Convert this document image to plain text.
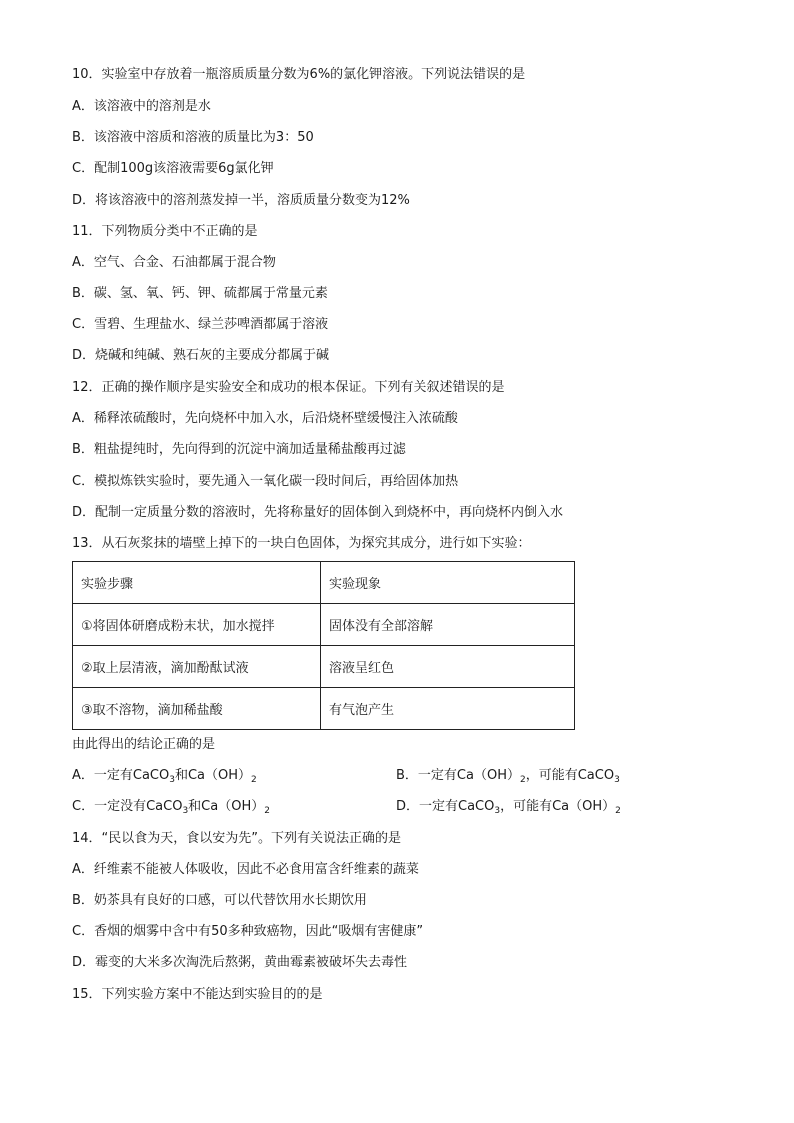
10．实验室中存放着一瓶溶质质量分数为6%的氯化钾溶液。下列说法错误的是
A．该溶液中的溶剂是水
B．该溶液中溶质和溶液的质量比为3：50
C．配制100g该溶液需要6g氯化钾
D．将该溶液中的溶剂蒸发掉一半，溶质质量分数变为12%
11．下列物质分类中不正确的是
A．空气、合金、石油都属于混合物
B．碳、氢、氧、钙、钾、硫都属于常量元素
C．雪碧、生理盐水、绿兰莎啤酒都属于溶液
D．烧碱和纯碱、熟石灰的主要成分都属于碱
12．正确的操作顺序是实验安全和成功的根本保证。下列有关叙述错误的是
A．稀释浓硫酸时，先向烧杯中加入水，后沿烧杯壁缓慢注入浓硫酸
B．粗盐提纯时，先向得到的沉淀中滴加适量稀盐酸再过滤
C．模拟炼铁实验时，要先通入一氧化碳一段时间后，再给固体加热
D．配制一定质量分数的溶液时，先将称量好的固体倒入到烧杯中，再向烧杯内倒入水
13．从石灰浆抹的墙壁上掉下的一块白色固体，为探究其成分，进行如下实验：
实验步骤	实验现象
①将固体研磨成粉末状，加水搅拌	固体没有全部溶解
②取上层清液，滴加酚酞试液	溶液呈红色
③取不溶物，滴加稀盐酸	有气泡产生
由此得出的结论正确的是
A．一定有CaCO$_3$和$Ca(OH)_2$	B．一定有$Ca(OH)_2$，可能有CaCO$_3$
C．一定没有CaCO$_3$和$Ca(OH)_2$	D．一定有CaCO$_3$，可能有$Ca(OH)_2$
14．“民以食为天，食以安为先”。下列有关说法正确的是
A．纤维素不能被人体吸收，因此不必食用富含纤维素的蔬菜
B．奶茶具有良好的口感，可以代替饮用水长期饮用
C．香烟的烟雾中含中有50多种致癌物，因此“吸烟有害健康”
D．霉变的大米多次淘洗后熬粥，黄曲霉素被破坏失去毒性
15．下列实验方案中不能达到实验目的的是
